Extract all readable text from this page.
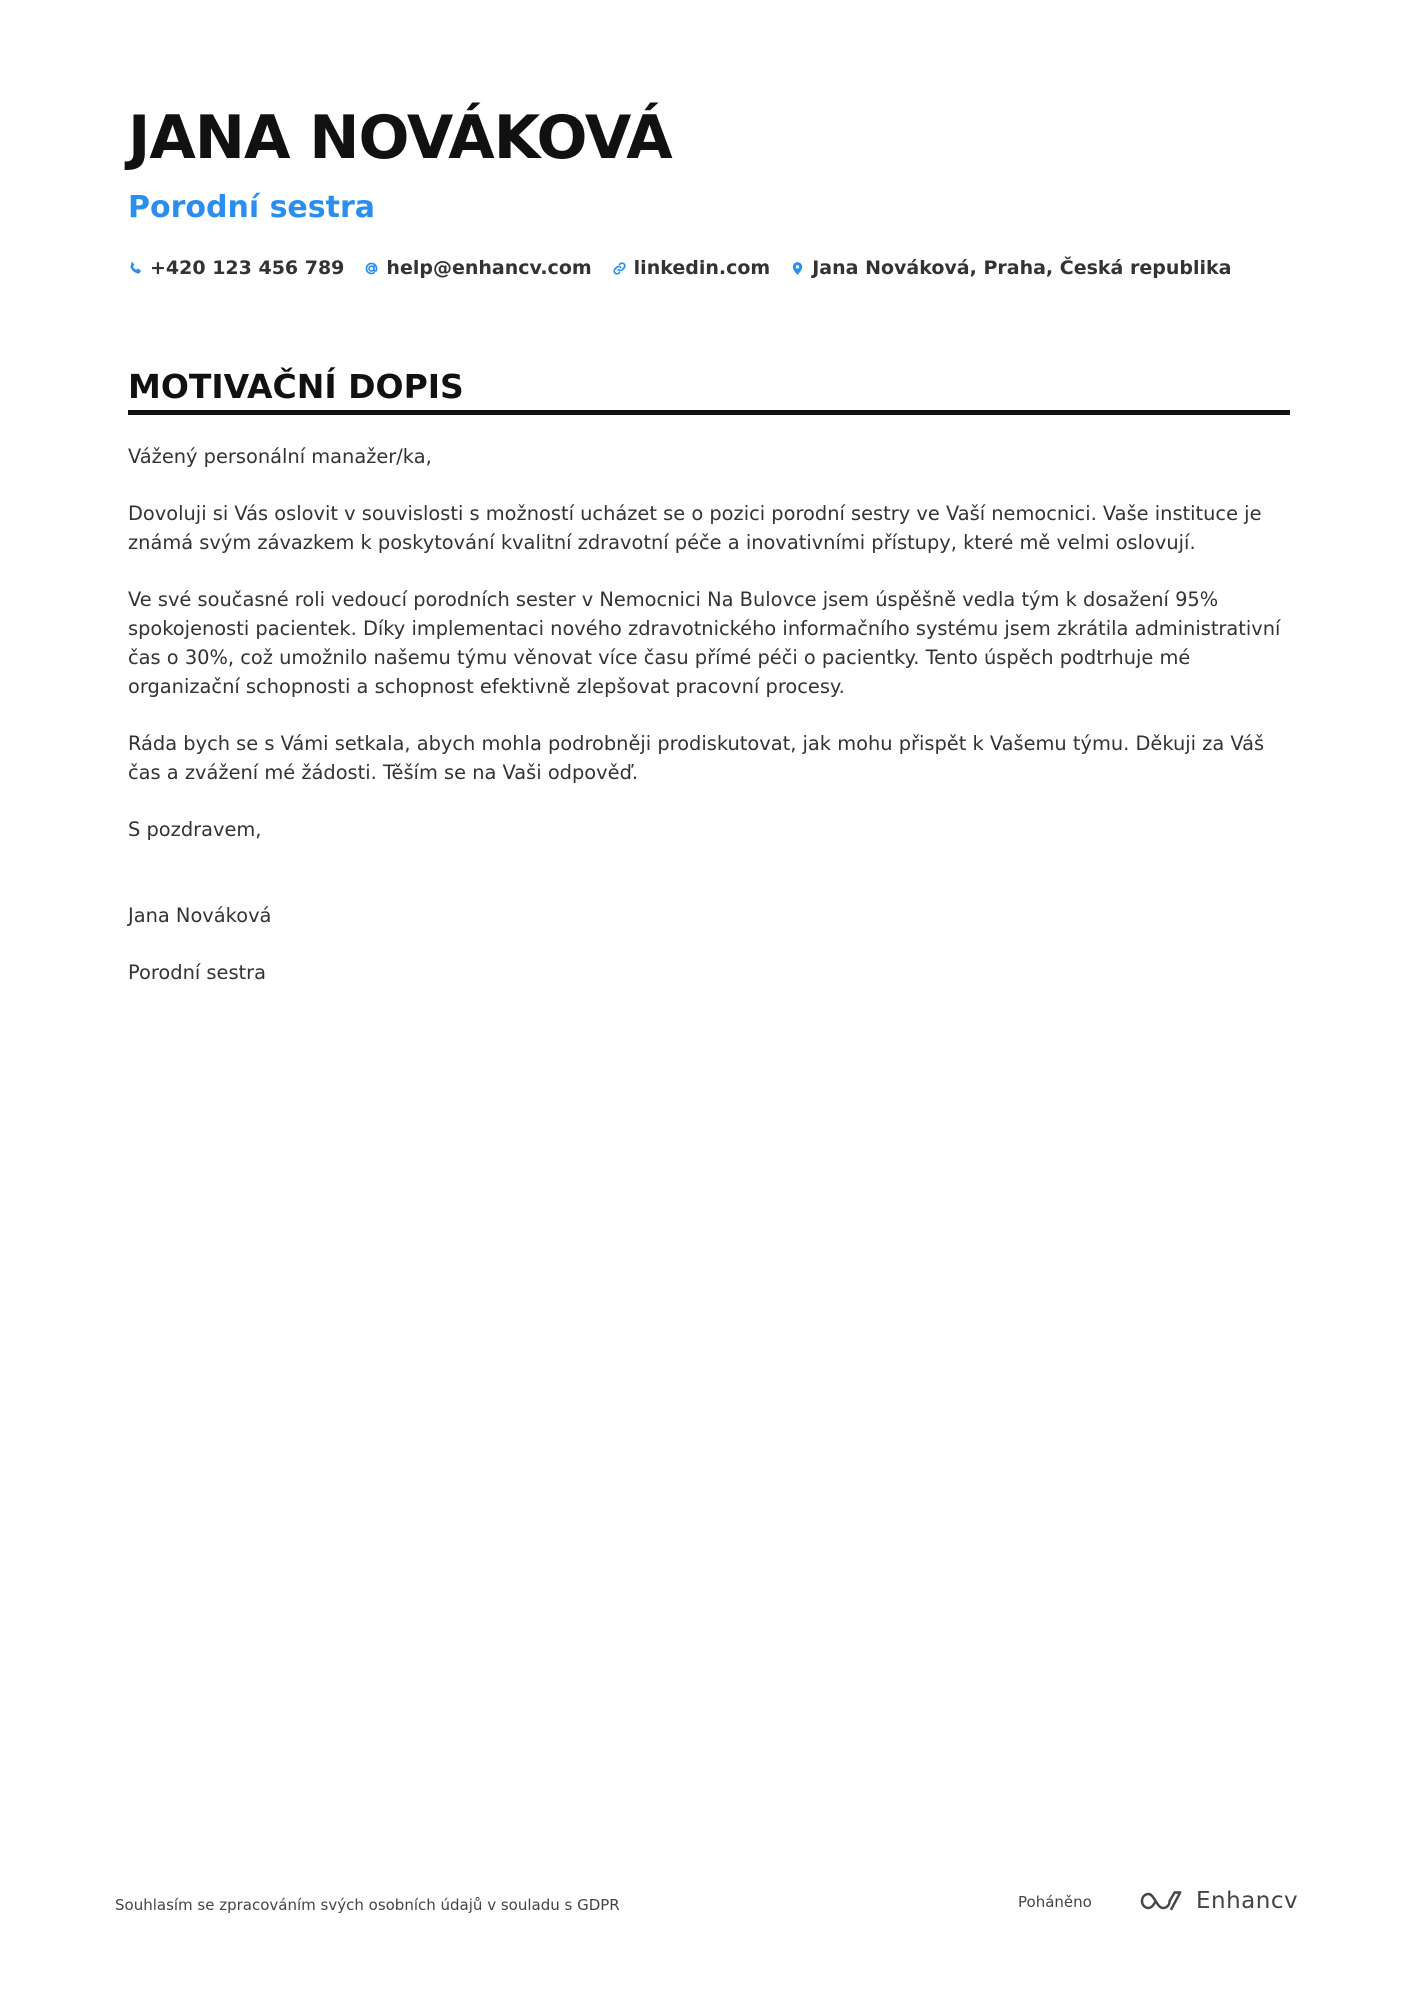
JANA NOVÁKOVÁ
Porodní sestra
+420 123 456 789 help@enhancv.com linkedin.com Jana Nováková, Praha, Česká republika
MOTIVAČNÍ DOPIS

Vážený personální manažer/ka,

Dovoluji si Vás oslovit v souvislosti s možností ucházet se o pozici porodní sestry ve Vaší nemocnici. Vaše instituce je známá svým závazkem k poskytování kvalitní zdravotní péče a inovativními přístupy, které mě velmi oslovují.

Ve své současné roli vedoucí porodních sester v Nemocnici Na Bulovce jsem úspěšně vedla tým k dosažení 95% spokojenosti pacientek. Díky implementaci nového zdravotnického informačního systému jsem zkrátila administrativní čas o 30%, což umožnilo našemu týmu věnovat více času přímé péči o pacientky. Tento úspěch podtrhuje mé organizační schopnosti a schopnost efektivně zlepšovat pracovní procesy.

Ráda bych se s Vámi setkala, abych mohla podrobněji prodiskutovat, jak mohu přispět k Vašemu týmu. Děkuji za Váš čas a zvážení mé žádosti. Těším se na Vaši odpověď.

S pozdravem,

Jana Nováková

Porodní sestra

Souhlasím se zpracováním svých osobních údajů v souladu s GDPR	Poháněno	Enhancv
